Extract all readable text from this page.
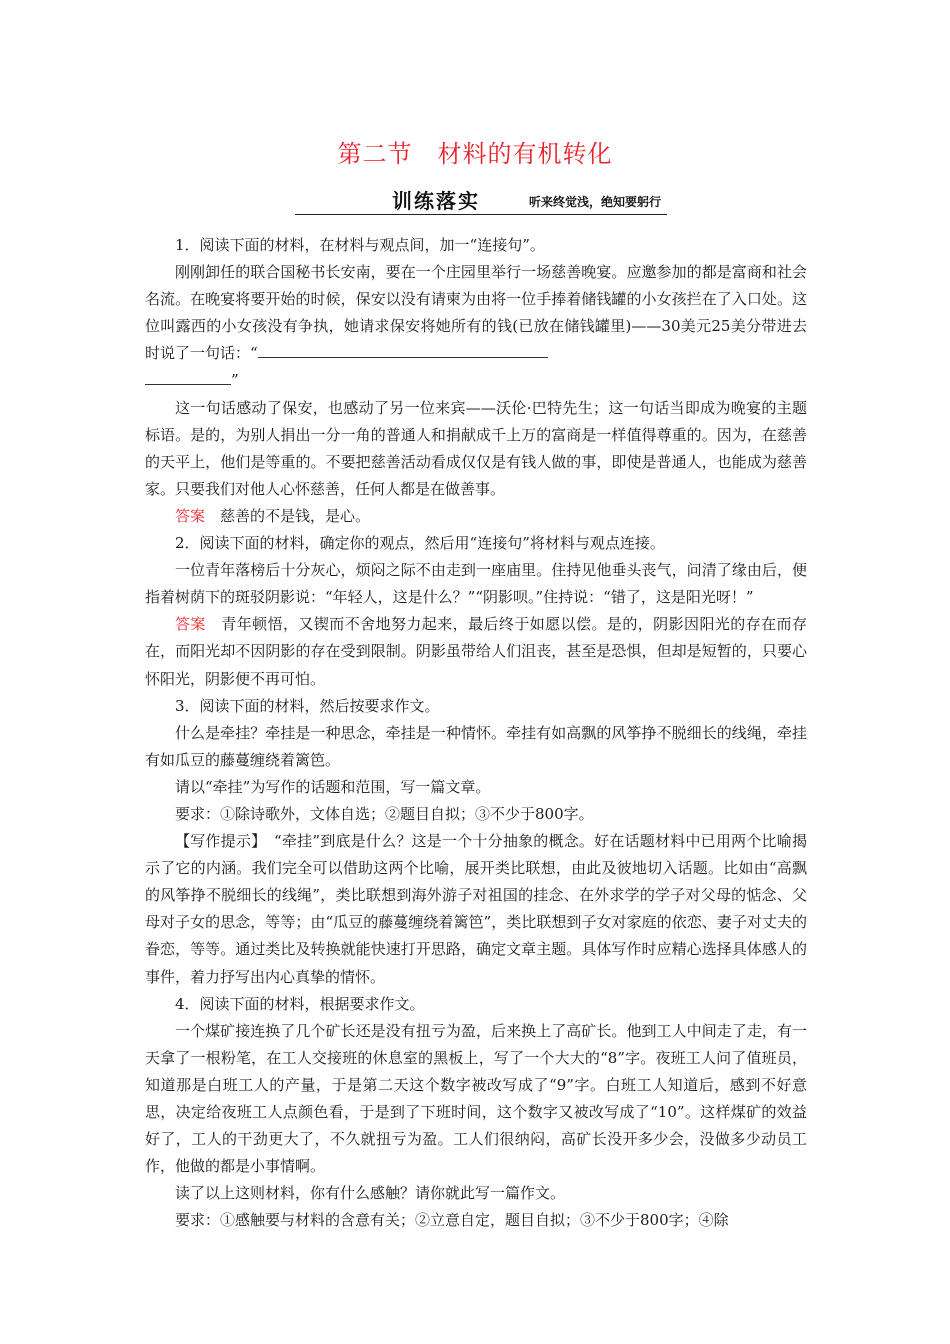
第二节　材料的有机转化
训练落实	听来终觉浅，绝知要躬行

1．阅读下面的材料，在材料与观点间，加一“连接句”。

刚刚卸任的联合国秘书长安南，要在一个庄园里举行一场慈善晚宴。应邀参加的都是富商和社会名流。在晚宴将要开始的时候，保安以没有请柬为由将一位手捧着储钱罐的小女孩拦在了入口处。这位叫露西的小女孩没有争执，她请求保安将她所有的钱(已放在储钱罐里)——30美元25美分带进去时说了一句话：“
”

这一句话感动了保安，也感动了另一位来宾——沃伦·巴特先生；这一句话当即成为晚宴的主题标语。是的，为别人捐出一分一角的普通人和捐献成千上万的富商是一样值得尊重的。因为，在慈善的天平上，他们是等重的。不要把慈善活动看成仅仅是有钱人做的事，即使是普通人，也能成为慈善家。只要我们对他人心怀慈善，任何人都是在做善事。

答案　 慈善的不是钱，是心。

2．阅读下面的材料，确定你的观点，然后用“连接句”将材料与观点连接。

一位青年落榜后十分灰心，烦闷之际不由走到一座庙里。住持见他垂头丧气，问清了缘由后，便指着树荫下的斑驳阴影说：“年轻人，这是什么？”“阴影呗。”住持说：“错了，这是阳光呀！”

答案　 青年顿悟，又锲而不舍地努力起来，最后终于如愿以偿。是的，阴影因阳光的存在而存在，而阳光却不因阴影的存在受到限制。阴影虽带给人们沮丧，甚至是恐惧，但却是短暂的，只要心怀阳光，阴影便不再可怕。

3．阅读下面的材料，然后按要求作文。

什么是牵挂？牵挂是一种思念，牵挂是一种情怀。牵挂有如高飘的风筝挣不脱细长的线绳，牵挂有如瓜豆的藤蔓缠绕着篱笆。

请以“牵挂”为写作的话题和范围，写一篇文章。

要求：①除诗歌外，文体自选；②题目自拟；③不少于800字。

【写作提示】　 “牵挂”到底是什么？这是一个十分抽象的概念。好在话题材料中已用两个比喻揭示了它的内涵。我们完全可以借助这两个比喻，展开类比联想，由此及彼地切入话题。比如由“高飘的风筝挣不脱细长的线绳”，类比联想到海外游子对祖国的挂念、在外求学的学子对父母的惦念、父母对子女的思念，等等；由“瓜豆的藤蔓缠绕着篱笆”，类比联想到子女对家庭的依恋、妻子对丈夫的眷恋，等等。通过类比及转换就能快速打开思路，确定文章主题。具体写作时应精心选择具体感人的事件，着力抒写出内心真挚的情怀。

4．阅读下面的材料，根据要求作文。

一个煤矿接连换了几个矿长还是没有扭亏为盈，后来换上了高矿长。他到工人中间走了走，有一天拿了一根粉笔，在工人交接班的休息室的黑板上，写了一个大大的“8”字。夜班工人问了值班员，知道那是白班工人的产量，于是第二天这个数字被改写成了“9”字。白班工人知道后，感到不好意思，决定给夜班工人点颜色看，于是到了下班时间，这个数字又被改写成了“10”。这样煤矿的效益好了，工人的干劲更大了，不久就扭亏为盈。工人们很纳闷，高矿长没开多少会，没做多少动员工作，他做的都是小事情啊。

读了以上这则材料，你有什么感触？请你就此写一篇作文。

要求：①感触要与材料的含意有关；②立意自定，题目自拟；③不少于800字；④除
